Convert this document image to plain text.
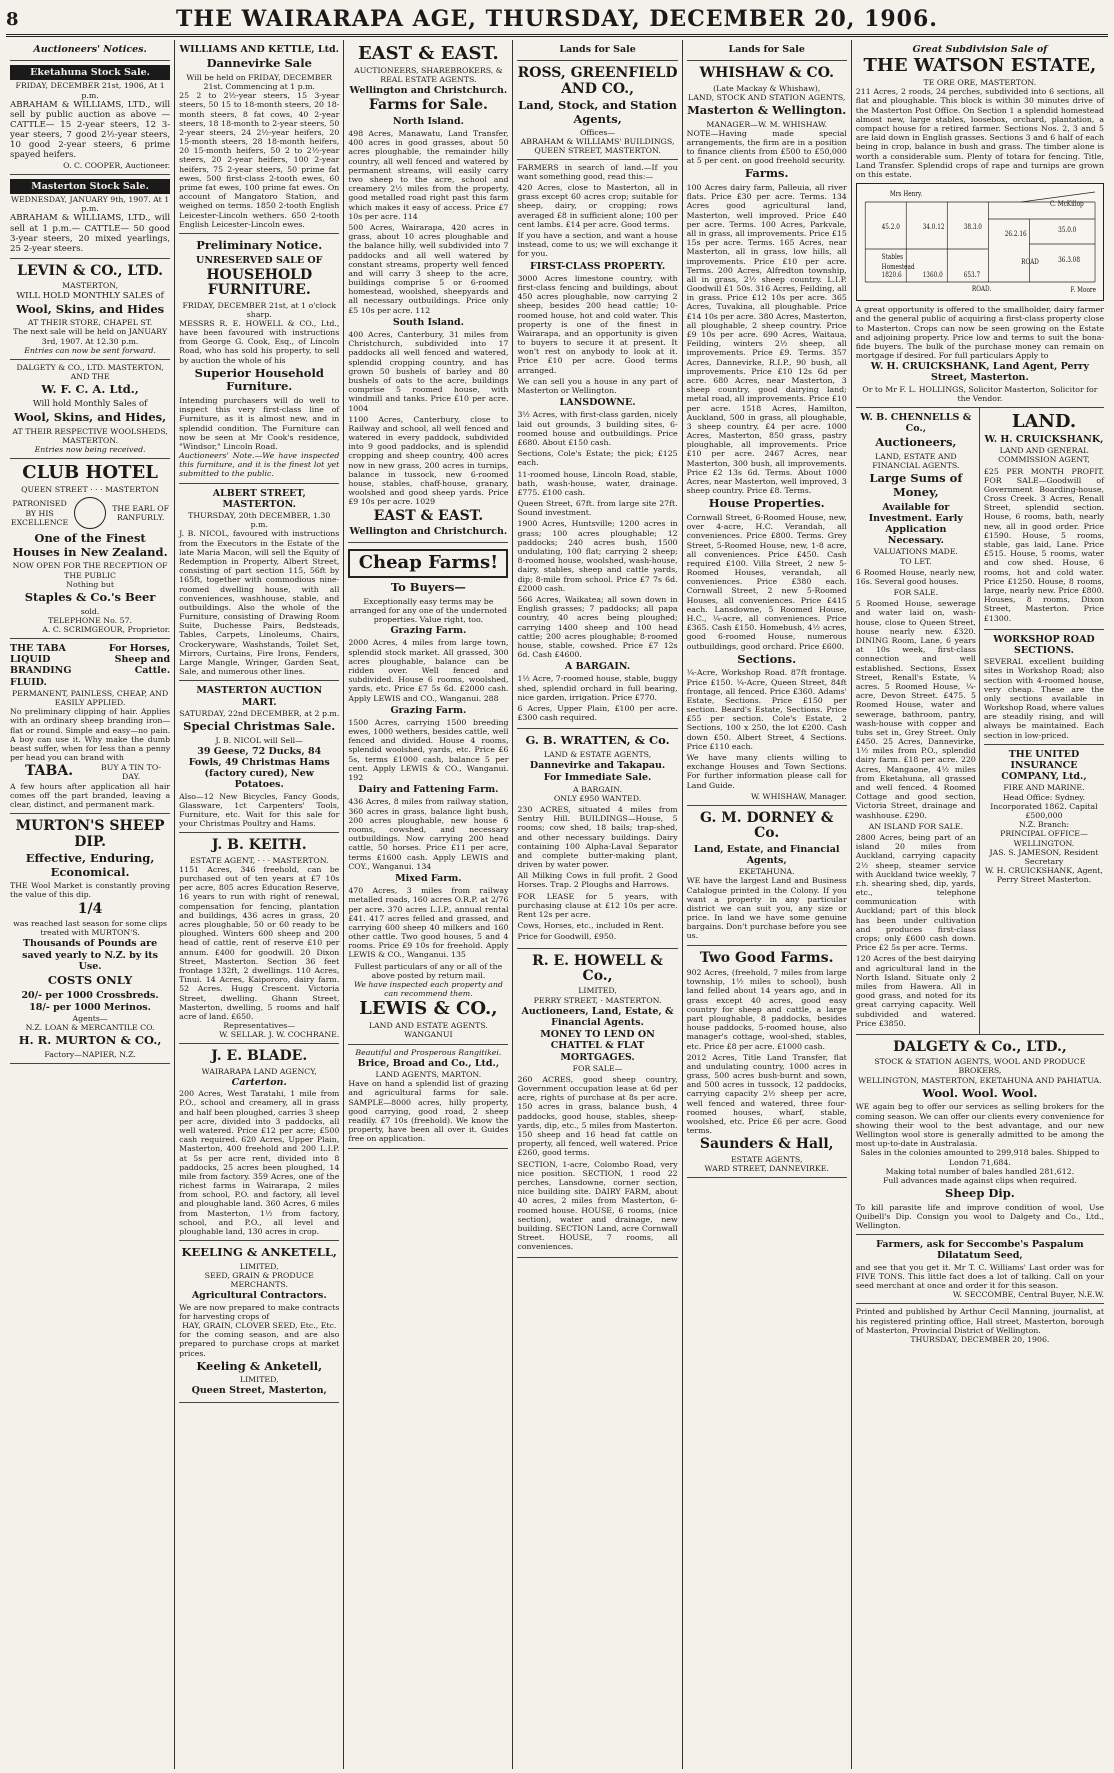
8	THE WAIRARAPA AGE, THURSDAY, DECEMBER 20, 1906.
Auctioneers' Notices.
Eketahuna Stock Sale.
FRIDAY, DECEMBER 21st, 1906, At 1 p.m.
ABRAHAM & WILLIAMS, LTD., will sell by public auction as above — CATTLE— 15 2-year steers, 12 3-year steers, 7 good 2½-year steers, 10 good 2-year steers, 6 prime spayed heifers.
O. C. COOPER, Auctioneer.
Masterton Stock Sale.
WEDNESDAY, JANUARY 9th, 1907. At 1 p.m.
ABRAHAM & WILLIAMS, LTD., will sell at 1 p.m.— CATTLE— 50 good 3-year steers, 20 mixed yearlings, 25 2-year steers.
LEVIN & CO., LTD.
MASTERTON,
WILL HOLD MONTHLY SALES of
Wool, Skins, and Hides
AT THEIR STORE, CHAPEL ST.
The next sale will be held on JANUARY 3rd, 1907. At 12.30 p.m.
Entries can now be sent forward.
DALGETY & CO., LTD. MASTERTON, AND THE
W. F. C. A. Ltd.,
Will hold Monthly Sales of
Wool, Skins, and Hides,
AT THEIR RESPECTIVE WOOLSHEDS, MASTERTON.
Entries now being received.
CLUB HOTEL
QUEEN STREET · · · MASTERTON
PATRONISED BY HIS EXCELLENCE
THE EARL OF RANFURLY.
One of the Finest Houses in New Zealand.
NOW OPEN FOR THE RECEPTION OF THE PUBLIC
Nothing but
Staples & Co.'s Beer
sold.
TELEPHONE No. 57.
A. C. SCRIMGEOUR, Proprietor.
THE TABA LIQUID BRANDING FLUID.
For Horses, Sheep and Cattle.
PERMANENT, PAINLESS, CHEAP, AND EASILY APPLIED.
No preliminary clipping of hair. Applies with an ordinary sheep branding iron—flat or round. Simple and easy—no pain. A boy can use it. Why make the dumb beast suffer, when for less than a penny per head you can brand with
TABA.	BUY A TIN TO-DAY.
A few hours after application all hair comes off the part branded, leaving a clear, distinct, and permanent mark.
MURTON'S SHEEP DIP.
Effective, Enduring, Economical.
THE Wool Market is constantly proving the value of this dip.
1/4
was reached last season for some clips treated with MURTON'S.
Thousands of Pounds are saved yearly to N.Z. by its Use.
COSTS ONLY
20/- per 1000 Crossbreds.
18/- per 1000 Merinos.
Agents—
N.Z. LOAN & MERCANTILE CO.
H. R. MURTON & CO.,
Factory—NAPIER, N.Z.
WILLIAMS AND KETTLE, Ltd.
Dannevirke Sale
Will be held on FRIDAY, DECEMBER 21st. Commencing at 1 p.m.
25 2 to 2½-year steers, 15 3-year steers, 50 15 to 18-month steers, 20 18-month steers, 8 fat cows, 40 2-year steers, 18 18-month to 2-year steers, 50 2-year steers, 24 2½-year heifers, 20 15-month steers, 28 18-month heifers, 20 15-month heifers, 50 2 to 2½-year steers, 20 2-year heifers, 100 2-year heifers, 75 2-year steers, 50 prime fat ewes, 500 first-class 2-tooth ewes, 60 prime fat ewes, 100 prime fat ewes. On account of Mangatoro Station, and weighed on terms. 1850 2-tooth English Leicester-Lincoln wethers. 650 2-tooth English Leicester-Lincoln ewes.
Preliminary Notice.
UNRESERVED SALE OF
HOUSEHOLD FURNITURE.
FRIDAY, DECEMBER 21st, at 1 o'clock sharp.
MESSRS R. E. HOWELL & CO., Ltd., have been favoured with instructions from George G. Cook, Esq., of Lincoln Road, who has sold his property, to sell by auction the whole of his
Superior Household Furniture.
Intending purchasers will do well to inspect this very first-class line of Furniture, as it is almost new, and in splendid condition. The Furniture can now be seen at Mr Cook's residence, "Windsor," Lincoln Road.
Auctioneers' Note.—We have inspected this furniture, and it is the finest lot yet submitted to the public.
ALBERT STREET, MASTERTON.
THURSDAY, 20th DECEMBER, 1.30 p.m.
J. B. NICOL, favoured with instructions from the Executors in the Estate of the late Maria Macon, will sell the Equity of Redemption in Property, Albert Street, consisting of part section 115, 56ft by 165ft, together with commodious nine-roomed dwelling house, with all conveniences, washhouse, stable, and outbuildings. Also the whole of the Furniture, consisting of Drawing Room Suite, Duchesse Pairs, Bedsteads, Tables, Carpets, Linoleums, Chairs, Crockeryware, Washstands, Toilet Set, Mirrors, Curtains, Fire Irons, Fenders, Large Mangle, Wringer, Garden Seat, Sale, and numerous other lines.
MASTERTON AUCTION MART.
SATURDAY, 22nd DECEMBER, at 2 p.m.
Special Christmas Sale.
J. B. NICOL will Sell—
39 Geese, 72 Ducks, 84 Fowls, 49 Christmas Hams (factory cured), New Potatoes.
Also—12 New Bicycles, Fancy Goods, Glassware, 1ct Carpenters' Tools, Furniture, etc. Wait for this sale for your Christmas Poultry and Hams.
J. B. KEITH.
ESTATE AGENT, · · · MASTERTON.
1151 Acres, 346 freehold, can be purchased out of ten years at £7 10s per acre, 805 acres Education Reserve, 16 years to run with right of renewal, compensation for fencing, plantation and buildings, 436 acres in grass, 20 acres ploughable, 50 or 60 ready to be ploughed. Winters 600 sheep and 200 head of cattle, rent of reserve £10 per annum. £400 for goodwill. 20 Dixon Street, Masterton. Section 36 feet frontage 132ft, 2 dwellings. 110 Acres, Tinui. 14 Acres, Kaipororo, dairy farm. 52 Acres. Hugg Crescent. Victoria Street, dwelling. Ghann Street, Masterton, dwelling, 5 rooms and half acre of land. £650.
Representatives—
W. SELLAR. J. W. COCHRANE.
J. E. BLADE.
WAIRARAPA LAND AGENCY,
Carterton.
200 Acres, West Taratahi, 1 mile from P.O., school and creamery, all in grass and half been ploughed, carries 3 sheep per acre, divided into 3 paddocks, all well watered. Price £12 per acre; £500 cash required. 620 Acres, Upper Plain, Masterton, 400 freehold and 200 L.I.P. at 5s per acre rent, divided into 8 paddocks, 25 acres been ploughed, 14 mile from factory. 359 Acres, one of the richest farms in Wairarapa, 2 miles from school, P.O. and factory, all level and ploughable land. 360 Acres, 6 miles from Masterton, 1½ from factory, school, and P.O., all level and ploughable land, 130 acres in crop.
KEELING & ANKETELL,
LIMITED,
SEED, GRAIN & PRODUCE MERCHANTS.
Agricultural Contractors.
We are now prepared to make contracts for harvesting crops of
HAY, GRAIN, CLOVER SEED, Etc., Etc.
for the coming season, and are also prepared to purchase crops at market prices.
Keeling & Anketell,
LIMITED,
Queen Street, Masterton,
EAST & EAST.
AUCTIONEERS, SHAREBROKERS, & REAL ESTATE AGENTS.
Wellington and Christchurch.
Farms for Sale.
North Island.
498 Acres, Manawatu, Land Transfer, 400 acres in good grasses, about 50 acres ploughable, the remainder hilly country, all well fenced and watered by permanent streams, will easily carry two sheep to the acre, school and creamery 2½ miles from the property, good metalled road right past this farm which makes it easy of access. Price £7 10s per acre. 114
500 Acres, Wairarapa, 420 acres in grass, about 10 acres ploughable and the balance hilly, well subdivided into 7 paddocks and all well watered by constant streams, property well fenced and will carry 3 sheep to the acre, buildings comprise 5 or 6-roomed homestead, woolshed, sheepyards and all necessary outbuildings. Price only £5 10s per acre. 112
South Island.
400 Acres, Canterbury, 31 miles from Christchurch, subdivided into 17 paddocks all well fenced and watered, splendid cropping country, and has grown 50 bushels of barley and 80 bushels of oats to the acre, buildings comprise 5 roomed house, with windmill and tanks. Price £10 per acre. 1004
1100 Acres, Canterbury, close to Railway and school, all well fenced and watered in every paddock, subdivided into 9 good paddocks, and is splendid cropping and sheep country, 400 acres now in new grass, 200 acres in turnips, balance in tussock, new 6-roomed house, stables, chaff-house, granary, woolshed and good sheep yards. Price £9 10s per acre. 1029
EAST & EAST.
Wellington and Christchurch.
Cheap Farms!
To Buyers—
Exceptionally easy terms may be arranged for any one of the undernoted properties. Value right, too.
Grazing Farm.
2000 Acres, 4 miles from large town, splendid stock market. All grassed, 300 acres ploughable, balance can be ridden over. Well fenced and subdivided. House 6 rooms, woolshed, yards, etc. Price £7 5s 6d. £2000 cash. Apply LEWIS and CO., Wanganui. 288
Grazing Farm.
1500 Acres, carrying 1500 breeding ewes, 1000 wethers, besides cattle, well fenced and divided. House 4 rooms, splendid woolshed, yards, etc. Price £6 5s, terms £1000 cash, balance 5 per cent. Apply LEWIS & CO., Wanganui. 192
Dairy and Fattening Farm.
436 Acres, 8 miles from railway station, 360 acres in grass, balance light bush, 200 acres ploughable, new house 6 rooms, cowshed, and necessary outbuildings. Now carrying 200 head cattle, 50 horses. Price £11 per acre, terms £1600 cash. Apply LEWIS and COY., Wanganui. 134
Mixed Farm.
470 Acres, 3 miles from railway metalled roads, 160 acres O.R.P. at 2/76 per acre. 370 acres L.I.P., annual rental £41. 417 acres felled and grassed, and carrying 600 sheep 40 milkers and 160 other cattle. Two good houses, 5 and 4 rooms. Price £9 10s for freehold. Apply LEWIS & CO., Wanganui. 135
Fullest particulars of any or all of the above posted by return mail.
We have inspected each property and can recommend them.
LEWIS & CO.,
LAND AND ESTATE AGENTS.
WANGANUI
Beautiful and Prosperous Rangitikei.
Brice, Broad and Co., Ltd.,
LAND AGENTS, MARTON.
Have on hand a splendid list of grazing and agricultural farms for sale. SAMPLE—8000 acres, hilly property, good carrying, good road, 2 sheep readily. £7 10s (freehold). We know the property, have been all over it. Guides free on application.
Lands for Sale
ROSS, GREENFIELD AND CO.,
Land, Stock, and Station Agents,
Offices—
ABRAHAM & WILLIAMS' BUILDINGS, QUEEN STREET, MASTERTON.
FARMERS in search of land.—If you want something good, read this:—
420 Acres, close to Masterton, all in grass except 60 acres crop; suitable for sheep, dairy, or cropping; rows averaged £8 in sufficient alone; 100 per cent lambs. £14 per acre. Good terms.
If you have a section, and want a house instead, come to us; we will exchange it for you.
FIRST-CLASS PROPERTY.
3000 Acres limestone country, with first-class fencing and buildings, about 450 acres ploughable, now carrying 2 sheep, besides 200 head cattle; 10-roomed house, hot and cold water. This property is one of the finest in Wairarapa, and an opportunity is given to buyers to secure it at present. It won't rest on anybody to look at it. Price £10 per acre. Good terms arranged.
We can sell you a house in any part of Masterton or Wellington.
LANSDOWNE.
3½ Acres, with first-class garden, nicely laid out grounds, 3 building sites, 6-roomed house and outbuildings. Price £680. About £150 cash.
Sections, Cole's Estate; the pick; £125 each.
11-roomed house, Lincoln Road, stable, bath, wash-house, water, drainage. £775. £100 cash.
Queen Street, 67ft. from large site 27ft. Sound investment.
1900 Acres, Huntsville; 1200 acres in grass; 100 acres ploughable; 12 paddocks; 240 acres bush, 1500 undulating, 100 flat; carrying 2 sheep; 8-roomed house, woolshed, wash-house, dairy, stables, sheep and cattle yards, dip; 8-mile from school. Price £7 7s 6d. £2000 cash.
566 Acres, Waikatea; all sown down in English grasses; 7 paddocks; all papa country, 40 acres being ploughed; carrying 1400 sheep and 100 head cattle; 200 acres ploughable; 8-roomed house, stable, cowshed. Price £7 12s 6d. Cash £4600.
A BARGAIN.
1½ Acre, 7-roomed house, stable, buggy shed, splendid orchard in full bearing, nice garden, irrigation. Price £770.
6 Acres, Upper Plain, £100 per acre. £300 cash required.
G. B. WRATTEN, & Co.
LAND & ESTATE AGENTS,
Dannevirke and Takapau.
For Immediate Sale.
A BARGAIN.
ONLY £950 WANTED.
230 ACRES, situated 4 miles from Sentry Hill. BUILDINGS—House, 5 rooms; cow shed, 18 bails; trap-shed, and other necessary buildings. Dairy containing 100 Alpha-Laval Separator and complete butter-making plant, driven by water power.
All Milking Cows in full profit. 2 Good Horses. Trap. 2 Ploughs and Harrows.
FOR LEASE for 5 years, with purchasing clause at £12 10s per acre. Rent 12s per acre.
Cows, Horses, etc., included in Rent.
Price for Goodwill, £950.
R. E. HOWELL & Co.,
LIMITED,
PERRY STREET, · MASTERTON.
Auctioneers, Land, Estate, & Financial Agents.
MONEY TO LEND ON CHATTEL & FLAT MORTGAGES.
FOR SALE—
260 ACRES, good sheep country, Government occupation lease at 6d per acre, rights of purchase at 8s per acre. 150 acres in grass, balance bush, 4 paddocks, good house, stables, sheep-yards, dip, etc., 5 miles from Masterton. 150 sheep and 16 head fat cattle on property, all fenced, well watered. Price £260, good terms.
SECTION, 1-acre, Colombo Road, very nice position. SECTION, 1 rood 22 perches, Lansdowne, corner section, nice building site. DAIRY FARM, about 40 acres, 2 miles from Masterton, 6-roomed house. HOUSE, 6 rooms, (nice section), water and drainage, new building. SECTION Land, acre Cornwall Street. HOUSE, 7 rooms, all conveniences.
Lands for Sale
WHISHAW & CO.
(Late Mackay & Whishaw),
LAND, STOCK AND STATION AGENTS,
Masterton & Wellington.
MANAGER—W. M. WHISHAW.
NOTE—Having made special arrangements, the firm are in a position to finance clients from £500 to £50,000 at 5 per cent. on good freehold security.
Farms.
100 Acres dairy farm, Palleuia, all river flats. Price £30 per acre. Terms. 134 Acres good agricultural land, Masterton, well improved. Price £40 per acre. Terms. 100 Acres, Parkvale, all in grass, all improvements. Price £15 15s per acre. Terms. 165 Acres, near Masterton, all in grass, low hills, all improvements. Price £10 per acre. Terms. 200 Acres, Alfredton township, all in grass, 2½ sheep country. L.I.P. Goodwill £1 50s. 316 Acres, Feilding, all in grass. Price £12 10s per acre. 365 Acres, Tuvakina, all ploughable. Price £14 10s per acre. 380 Acres, Masterton, all ploughable, 2 sheep country. Price £9 10s per acre. 690 Acres, Waitaua, Feilding, winters 2½ sheep, all improvements. Price £9. Terms. 357 Acres, Dannevirke, R.I.P., 90 bush, all improvements. Price £10 12s 6d per acre. 680 Acres, near Masterton, 3 sheep country, good dairying land; metal road, all improvements. Price £10 per acre. 1518 Acres, Hamilton, Auckland, 500 in grass, all ploughable, 3 sheep country. £4 per acre. 1000 Acres, Masterton, 850 grass, pastry ploughable, all improvements. Price £10 per acre. 2467 Acres, near Masterton, 300 bush, all improvements. Price £2 13s 6d. Terms. About 1000 Acres, near Masterton, well improved, 3 sheep country. Price £8. Terms.
House Properties.
Cornwall Street, 6-Roomed House, new, over 4-acre, H.C. Verandah, all conveniences. Price £800. Terms. Grey Street, 5-Roomed House, new, 1-8 acre, all conveniences. Price £450. Cash required £100. Villa Street, 2 new 5-Roomed Houses, verandah, all conveniences. Price £380 each. Cornwall Street, 2 new 5-Roomed Houses, all conveniences. Price £415 each. Lansdowne, 5 Roomed House, H.C., ¼-acre, all conveniences. Price £365. Cash £150. Homebush, 4½ acres, good 6-roomed House, numerous outbuildings, good orchard. Price £600.
Sections.
¼-Acre, Workshop Road. 87ft frontage. Price £150. ¼-Acre, Queen Street, 84ft frontage, all fenced. Price £360. Adams' Estate, Sections. Price £150 per section. Beard's Estate, Sections. Price £55 per section. Cole's Estate, 2 Sections, 100 x 250, the lot £200. Cash down £50. Albert Street, 4 Sections. Price £110 each.
We have many clients willing to exchange Houses and Town Sections. For further information please call for Land Guide.
W. WHISHAW, Manager.
G. M. DORNEY & Co.
Land, Estate, and Financial Agents,
EKETAHUNA.
WE have the largest Land and Business Catalogue printed in the Colony. If you want a property in any particular district we can suit you, any size or price. In land we have some genuine bargains. Don't purchase before you see us.
Two Good Farms.
902 Acres, (freehold, 7 miles from large township, 1½ miles to school), bush land felled about 14 years ago, and in grass except 40 acres, good easy country for sheep and cattle, a large part ploughable, 8 paddocks, besides house paddocks, 5-roomed house, also manager's cottage, wool-shed, stables, etc. Price £8 per acre. £1000 cash.
2012 Acres, Title Land Transfer, flat and undulating country, 1000 acres in grass, 500 acres bush-burnt and sown, and 500 acres in tussock, 12 paddocks, carrying capacity 2½ sheep per acre, well fenced and watered, three four-roomed houses, wharf, stable, woolshed, etc. Price £6 per acre. Good terms.
Saunders & Hall,
ESTATE AGENTS,
WARD STREET, DANNEVIRKE.
Great Subdivision Sale of
THE WATSON ESTATE,
TE ORE ORE, MASTERTON.
211 Acres, 2 roods, 24 perches, subdivided into 6 sections, all flat and ploughable. This block is within 30 minutes drive of the Masterton Post Office. On Section 1 a splendid homestead almost new, large stables, loosebox, orchard, plantation, a compact house for a retired farmer. Sections Nos. 2, 3 and 5 are laid down in English grasses. Sections 3 and 6 half of each being in crop, balance in bush and grass. The timber alone is worth a considerable sum. Plenty of totara for fencing. Title, Land Transfer. Splendid crops of rape and turnips are grown on this estate.
Mrs Henry.
C. McKillop
45.2.0	34.0.12	38.3.0
26.2.16	35.0.0
Stables
Homestead
1820.6	1360.0	653.7
ROAD.
36.3.08
F. Moore
ROAD
A great opportunity is offered to the smallholder, dairy farmer and the general public of acquiring a first-class property close to Masterton. Crops can now be seen growing on the Estate and adjoining property. Price low and terms to suit the bona-fide buyers. The bulk of the purchase money can remain on mortgage if desired. For full particulars Apply to
W. H. CRUICKSHANK, Land Agent, Perry Street, Masterton.
Or to Mr F. L. HOLLINGS, Solicitor Masterton, Solicitor for the Vendor.
W. B. CHENNELLS & Co.,
Auctioneers,
LAND, ESTATE AND FINANCIAL AGENTS.
Large Sums of Money,
Available for Investment. Early Application Necessary.
VALUATIONS MADE.
TO LET.
6 Roomed House, nearly new, 16s. Several good houses.
FOR SALE.
5 Roomed House, sewerage and water laid on, wash-house, close to Queen Street, house nearly new. £320. DINING Room, Lane, 6 years at 10s week, first-class connection and well established. Sections, Essex Street, Renall's Estate, ¼ acres. 5 Roomed House, ¼-acre, Devon Street. £475. 5 Roomed House, water and sewerage, bathroom, pantry, wash-house with copper and tubs set in, Grey Street. Only £450. 25 Acres, Dannevirke, 1½ miles from P.O., splendid dairy farm. £18 per acre. 220 Acres, Mangaone, 4½ miles from Eketahuna, all grassed and well fenced. 4 Roomed Cottage and good section, Victoria Street, drainage and washhouse. £290.
AN ISLAND FOR SALE.
2800 Acres, being part of an island 20 miles from Auckland, carrying capacity 2½ sheep, steamer service with Auckland twice weekly, 7 r.h. shearing shed, dip, yards, etc., telephone communication with Auckland; part of this block has been under cultivation and produces first-class crops; only £600 cash down. Price £2 5s per acre. Terms.
120 Acres of the best dairying and agricultural land in the North Island. Situate only 2 miles from Hawera. All in good grass, and noted for its great carrying capacity. Well subdivided and watered. Price £3850.
LAND.
W. H. CRUICKSHANK,
LAND AND GENERAL COMMISSION AGENT,
£25 PER MONTH PROFIT. FOR SALE—Goodwill of Government Boarding-house, Cross Creek. 3 Acres, Renall Street, splendid section. House, 6 rooms, bath, nearly new, all in good order. Price £1590. House, 5 rooms, stable, gas laid, Lane. Price £515. House, 5 rooms, water and cow shed. House, 6 rooms, hot and cold water. Price £1250. House, 8 rooms, large, nearly new. Price £800. Houses, 8 rooms, Dixon Street, Masterton. Price £1300.
WORKSHOP ROAD SECTIONS.
SEVERAL excellent building sites in Workshop Road; also section with 4-roomed house, very cheap. These are the only sections available in Workshop Road, where values are steadily rising, and will always be maintained. Each section in low-priced.
THE UNITED INSURANCE COMPANY, Ltd.,
FIRE AND MARINE.
Head Office: Sydney. Incorporated 1862. Capital £500,000
N.Z. Branch:
PRINCIPAL OFFICE—WELLINGTON.
JAS. S. JAMESON, Resident Secretary
W. H. CRUICKSHANK, Agent, Perry Street Masterton.
DALGETY & Co., LTD.,
STOCK & STATION AGENTS, WOOL AND PRODUCE BROKERS,
WELLINGTON, MASTERTON, EKETAHUNA AND PAHIATUA.
Wool. Wool. Wool.
WE again beg to offer our services as selling brokers for the coming season. We can offer our clients every convenience for showing their wool to the best advantage, and our new Wellington wool store is generally admitted to be among the most up-to-date in Australasia.
Sales in the colonies amounted to 299,918 bales. Shipped to London 71,684.
Making total number of bales handled 281,612.
Full advances made against clips when required.
Sheep Dip.
To kill parasite life and improve condition of wool, Use Quibell's Dip. Consign you wool to Dalgety and Co., Ltd., Wellington.
Farmers, ask for Seccombe's Paspalum Dilatatum Seed,
and see that you get it. Mr T. C. Williams' Last order was for FIVE TONS. This little fact does a lot of talking. Call on your seed merchant at once and order it for this season.
W. SECCOMBE, Central Buyer, N.E.W.
Printed and published by Arthur Cecil Manning, journalist, at his registered printing office, Hall street, Masterton, borough of Masterton, Provincial District of Wellington.
THURSDAY, DECEMBER 20, 1906.
